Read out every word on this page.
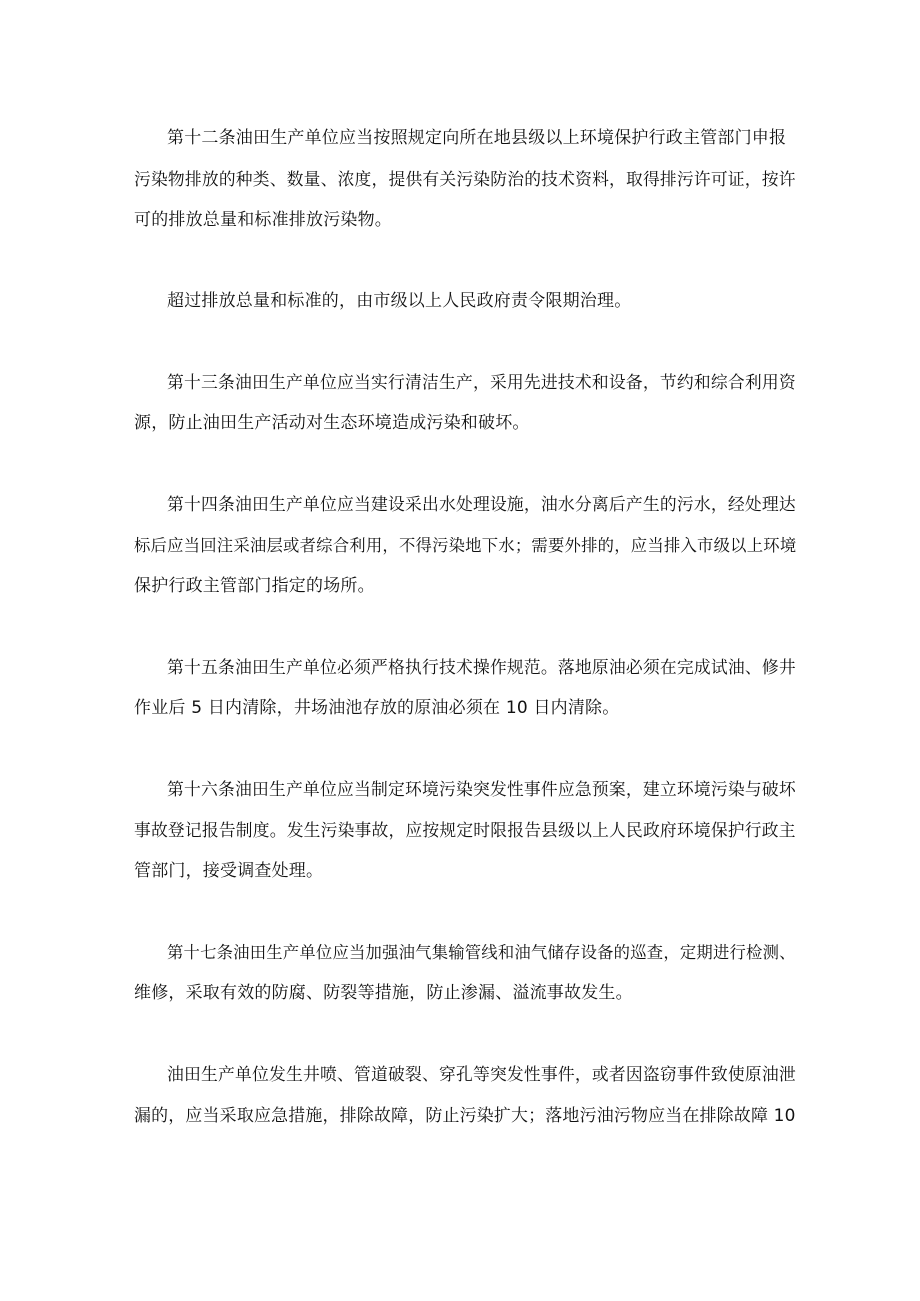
第十二条油田生产单位应当按照规定向所在地县级以上环境保护行政主管部门申报
污染物排放的种类、数量、浓度，提供有关污染防治的技术资料，取得排污许可证，按许
可的排放总量和标准排放污染物。

超过排放总量和标准的，由市级以上人民政府责令限期治理。

第十三条油田生产单位应当实行清洁生产，采用先进技术和设备，节约和综合利用资
源，防止油田生产活动对生态环境造成污染和破坏。

第十四条油田生产单位应当建设采出水处理设施，油水分离后产生的污水，经处理达
标后应当回注采油层或者综合利用，不得污染地下水；需要外排的，应当排入市级以上环境
保护行政主管部门指定的场所。

第十五条油田生产单位必须严格执行技术操作规范。落地原油必须在完成试油、修井
作业后 5 日内清除，井场油池存放的原油必须在 10 日内清除。

第十六条油田生产单位应当制定环境污染突发性事件应急预案，建立环境污染与破坏
事故登记报告制度。发生污染事故，应按规定时限报告县级以上人民政府环境保护行政主
管部门，接受调查处理。

第十七条油田生产单位应当加强油气集输管线和油气储存设备的巡查，定期进行检测、
维修，采取有效的防腐、防裂等措施，防止渗漏、溢流事故发生。

油田生产单位发生井喷、管道破裂、穿孔等突发性事件，或者因盗窃事件致使原油泄
漏的，应当采取应急措施，排除故障，防止污染扩大；落地污油污物应当在排除故障 10
